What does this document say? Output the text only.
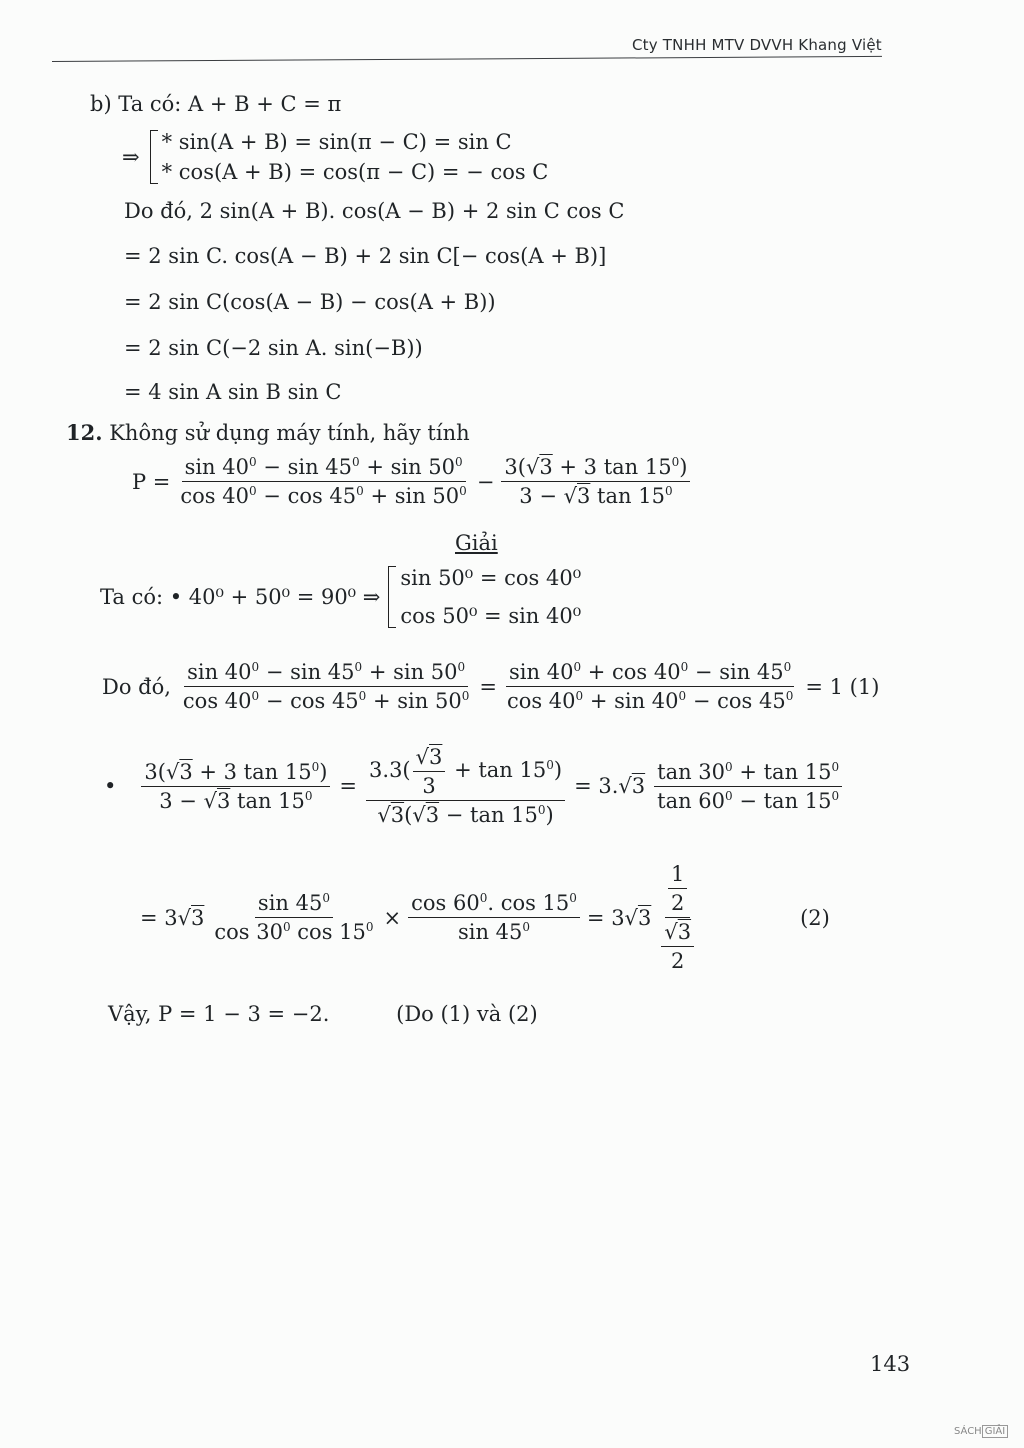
Cty TNHH MTV DVVH Khang Việt
b) Ta có: A + B + C = π
⇒
* sin(A + B) = sin(π − C) = sin C
* cos(A + B) = cos(π − C) = − cos C
Do đó, 2 sin(A + B). cos(A − B) + 2 sin C cos C
= 2 sin C. cos(A − B) + 2 sin C[− cos(A + B)]
= 2 sin C(cos(A − B) − cos(A + B))
= 2 sin C(−2 sin A. sin(−B))
= 4 sin A sin B sin C
12. Không sử dụng máy tính, hãy tính
$P = \frac{\sin 40^0 - \sin 45^0 + \sin 50^0}{\cos 40^0 - \cos 45^0 + \sin 50^0} - \frac{3(√3 + 3 \tan 15^0)}{3 - √3 \tan 15^0}$
Giải
Ta có: • 40⁰ + 50⁰ = 90⁰ ⇒
sin 50⁰ = cos 40⁰
cos 50⁰ = sin 40⁰
Do đó, $\frac{\sin 40^0 - \sin 45^0 + \sin 50^0}{\cos 40^0 - \cos 45^0 + \sin 50^0} = \frac{\sin 40^0 + \cos 40^0 - \sin 45^0}{\cos 40^0 + \sin 40^0 - \cos 45^0} = 1$ (1)
• $\frac{3(√3 + 3 \tan 15^0)}{3 - √3 \tan 15^0} = \frac{3.3( \frac{√3}{3} + \tan 15^0)}{√3(√3 - \tan 15^0)} = 3.√3 \frac{\tan 30^0 + \tan 15^0}{\tan 60^0 - \tan 15^0}$
= $3√3 \frac{\sin 45^0}{\cos 30^0 \cos 15^0} \times \frac{\cos 60^0. \cos 15^0}{\sin 45^0} = 3√3 \frac{\frac{1}{2}}{\frac{√3}{2}}$	(2)
Vậy, P = 1 − 3 = −2.	(Do (1) và (2)
143
SÁCH GIẢI
